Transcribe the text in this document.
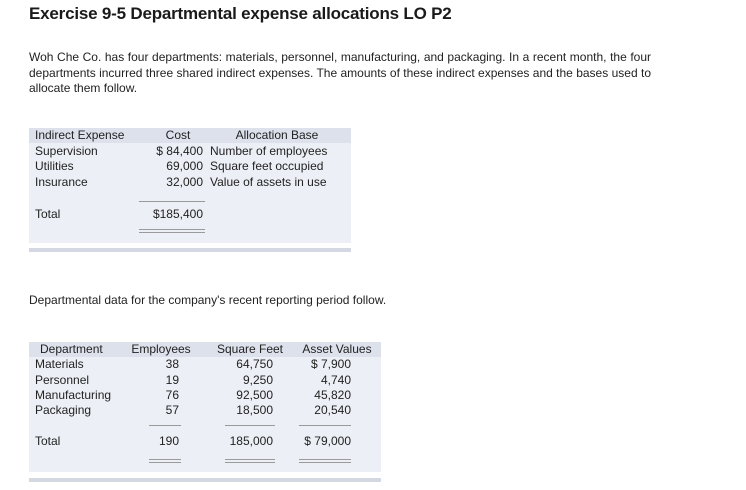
Exercise 9-5 Departmental expense allocations LO P2
Woh Che Co. has four departments: materials, personnel, manufacturing, and packaging. In a recent month, the four departments incurred three shared indirect expenses. The amounts of these indirect expenses and the bases used to allocate them follow.
Indirect Expense	Cost	Allocation Base
Supervision	$ 84,400 Number of employees
Utilities	69,000 Square feet occupied
Insurance	32,000 Value of assets in use
Total	$185,400
Departmental data for the company's recent reporting period follow.
Department	Employees	Square Feet	Asset Values
Materials	38	64,750	$ 7,900
Personnel	19	9,250	4,740
Manufacturing	76	92,500	45,820
Packaging	57	18,500	20,540
Total	190	185,000	$ 79,000
